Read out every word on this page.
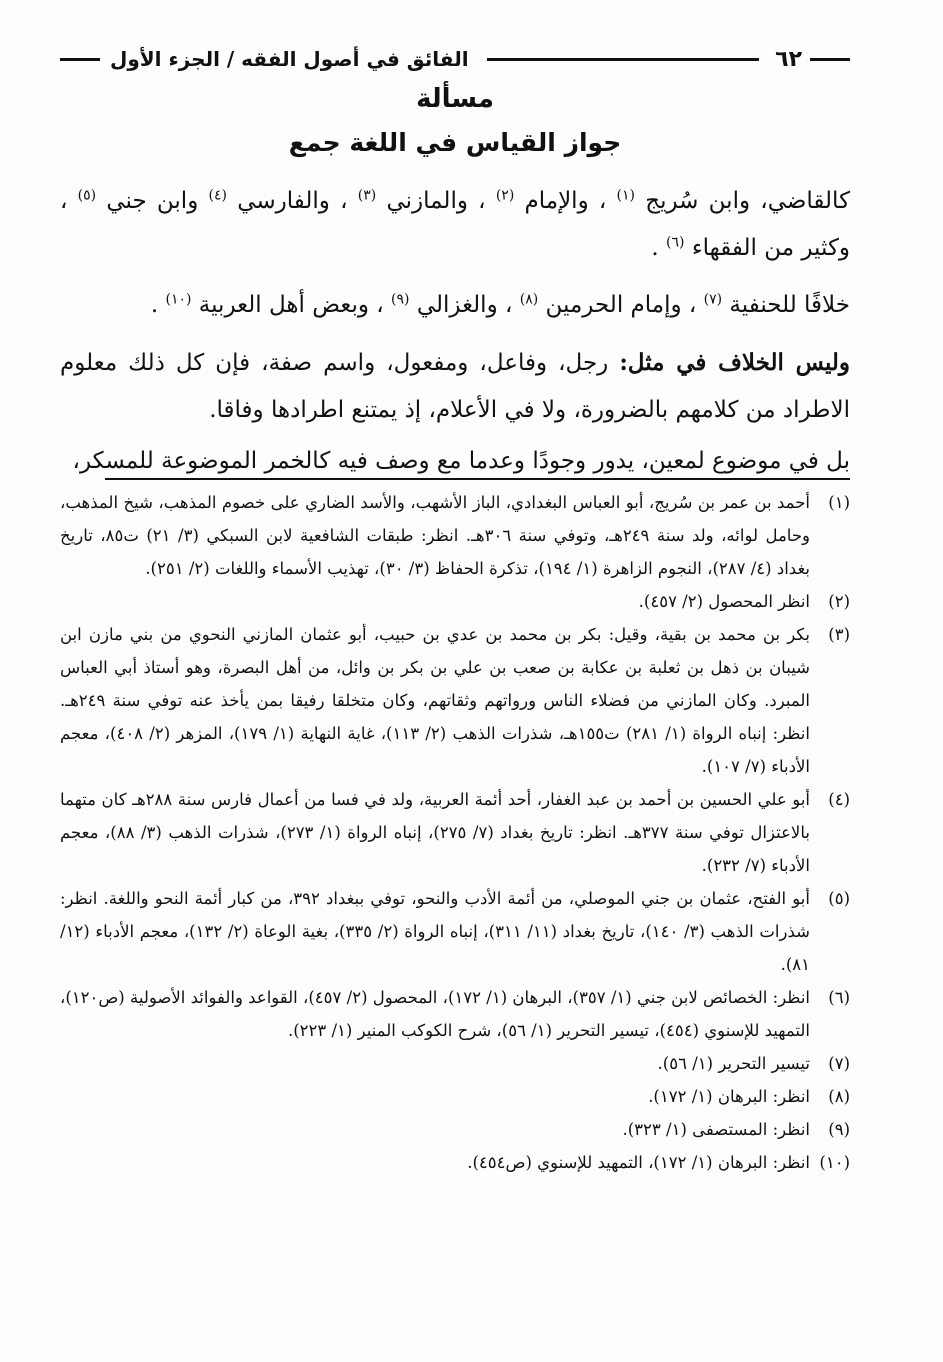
٦٢
الفائق في أصول الفقه / الجزء الأول
مسألة
جواز القياس في اللغة جمع

كالقاضي، وابن سُريج $^{(١)}$ ، والإمام $^{(٢)}$ ، والمازني $^{(٣)}$ ، والفارسي $^{(٤)}$ وابن جني $^{(٥)}$ ، وكثير من الفقهاء $^{(٦)}$ .

خلافًا للحنفية $^{(٧)}$ ، وإمام الحرمين $^{(٨)}$ ، والغزالي $^{(٩)}$ ، وبعض أهل العربية $^{(١٠)}$ .

وليس الخلاف في مثل: رجل، وفاعل، ومفعول، واسم صفة، فإن كل ذلك معلوم الاطراد من كلامهم بالضرورة، ولا في الأعلام، إذ يمتنع اطرادها وفاقا.

بل في موضوع لمعين، يدور وجودًا وعدما مع وصف فيه كالخمر الموضوعة للمسكر،

(١)
أحمد بن عمر بن سُريج، أبو العباس البغدادي، الباز الأشهب، والأسد الضاري على خصوم المذهب، شيخ المذهب، وحامل لوائه، ولد سنة ٢٤٩هـ، وتوفي سنة ٣٠٦هـ. انظر: طبقات الشافعية لابن السبكي (٣/ ٢١) ت٨٥، تاريخ بغداد (٤/ ٢٨٧)، النجوم الزاهرة (١/ ١٩٤)، تذكرة الحفاظ (٣/ ٣٠)، تهذيب الأسماء واللغات (٢/ ٢٥١).
(٢)
انظر المحصول (٢/ ٤٥٧).
(٣)
بكر بن محمد بن بقية، وقيل: بكر بن محمد بن عدي بن حبيب، أبو عثمان المازني النحوي من بني مازن ابن شيبان بن ذهل بن ثعلبة بن عكابة بن صعب بن علي بن بكر بن وائل، من أهل البصرة، وهو أستاذ أبي العباس المبرد. وكان المازني من فضلاء الناس ورواتهم وثقاتهم، وكان متخلقا رفيقا بمن يأخذ عنه توفي سنة ٢٤٩هـ. انظر: إنباه الرواة (١/ ٢٨١) ت١٥٥هـ، شذرات الذهب (٢/ ١١٣)، غاية النهاية (١/ ١٧٩)، المزهر (٢/ ٤٠٨)، معجم الأدباء (٧/ ١٠٧).
(٤)
أبو علي الحسين بن أحمد بن عبد الغفار، أحد أئمة العربية، ولد في فسا من أعمال فارس سنة ٢٨٨هـ كان متهما بالاعتزال توفي سنة ٣٧٧هـ. انظر: تاريخ بغداد (٧/ ٢٧٥)، إنباه الرواة (١/ ٢٧٣)، شذرات الذهب (٣/ ٨٨)، معجم الأدباء (٧/ ٢٣٢).
(٥)
أبو الفتح، عثمان بن جني الموصلي، من أئمة الأدب والنحو، توفي ببغداد ٣٩٢، من كبار أئمة النحو واللغة. انظر: شذرات الذهب (٣/ ١٤٠)، تاريخ بغداد (١١/ ٣١١)، إنباه الرواة (٢/ ٣٣٥)، بغية الوعاة (٢/ ١٣٢)، معجم الأدباء (١٢/ ٨١).
(٦)
انظر: الخصائص لابن جني (١/ ٣٥٧)، البرهان (١/ ١٧٢)، المحصول (٢/ ٤٥٧)، القواعد والفوائد الأصولية (ص١٢٠)، التمهيد للإسنوي (٤٥٤)، تيسير التحرير (١/ ٥٦)، شرح الكوكب المنير (١/ ٢٢٣).
(٧)
تيسير التحرير (١/ ٥٦).
(٨)
انظر: البرهان (١/ ١٧٢).
(٩)
انظر: المستصفى (١/ ٣٢٣).
(١٠)
انظر: البرهان (١/ ١٧٢)، التمهيد للإسنوي (ص٤٥٤).
